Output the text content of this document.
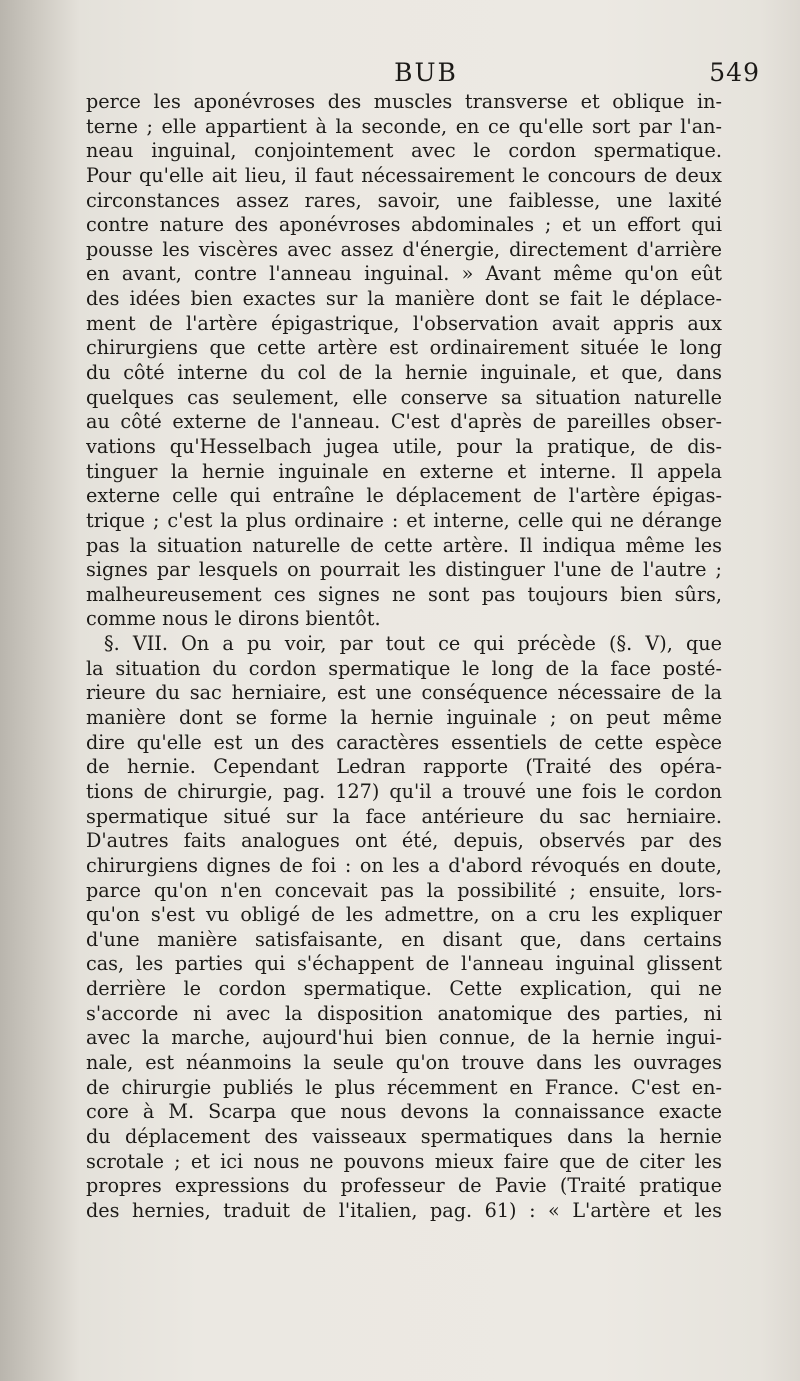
BUB	549
perce les aponévroses des muscles transverse et oblique in-
terne ; elle appartient à la seconde, en ce qu'elle sort par l'an-
neau inguinal, conjointement avec le cordon spermatique.
Pour qu'elle ait lieu, il faut nécessairement le concours de deux
circonstances assez rares, savoir, une faiblesse, une laxité
contre nature des aponévroses abdominales ; et un effort qui
pousse les viscères avec assez d'énergie, directement d'arrière
en avant, contre l'anneau inguinal. » Avant même qu'on eût
des idées bien exactes sur la manière dont se fait le déplace-
ment de l'artère épigastrique, l'observation avait appris aux
chirurgiens que cette artère est ordinairement située le long
du côté interne du col de la hernie inguinale, et que, dans
quelques cas seulement, elle conserve sa situation naturelle
au côté externe de l'anneau. C'est d'après de pareilles obser-
vations qu'Hesselbach jugea utile, pour la pratique, de dis-
tinguer la hernie inguinale en externe et interne. Il appela
externe celle qui entraîne le déplacement de l'artère épigas-
trique ; c'est la plus ordinaire : et interne, celle qui ne dérange
pas la situation naturelle de cette artère. Il indiqua même les
signes par lesquels on pourrait les distinguer l'une de l'autre ;
malheureusement ces signes ne sont pas toujours bien sûrs,
comme nous le dirons bientôt.
§. VII. On a pu voir, par tout ce qui précède (§. V), que
la situation du cordon spermatique le long de la face posté-
rieure du sac herniaire, est une conséquence nécessaire de la
manière dont se forme la hernie inguinale ; on peut même
dire qu'elle est un des caractères essentiels de cette espèce
de hernie. Cependant Ledran rapporte (Traité des opéra-
tions de chirurgie, pag. 127) qu'il a trouvé une fois le cordon
spermatique situé sur la face antérieure du sac herniaire.
D'autres faits analogues ont été, depuis, observés par des
chirurgiens dignes de foi : on les a d'abord révoqués en doute,
parce qu'on n'en concevait pas la possibilité ; ensuite, lors-
qu'on s'est vu obligé de les admettre, on a cru les expliquer
d'une manière satisfaisante, en disant que, dans certains
cas, les parties qui s'échappent de l'anneau inguinal glissent
derrière le cordon spermatique. Cette explication, qui ne
s'accorde ni avec la disposition anatomique des parties, ni
avec la marche, aujourd'hui bien connue, de la hernie ingui-
nale, est néanmoins la seule qu'on trouve dans les ouvrages
de chirurgie publiés le plus récemment en France. C'est en-
core à M. Scarpa que nous devons la connaissance exacte
du déplacement des vaisseaux spermatiques dans la hernie
scrotale ; et ici nous ne pouvons mieux faire que de citer les
propres expressions du professeur de Pavie (Traité pratique
des hernies, traduit de l'italien, pag. 61) : « L'artère et les
